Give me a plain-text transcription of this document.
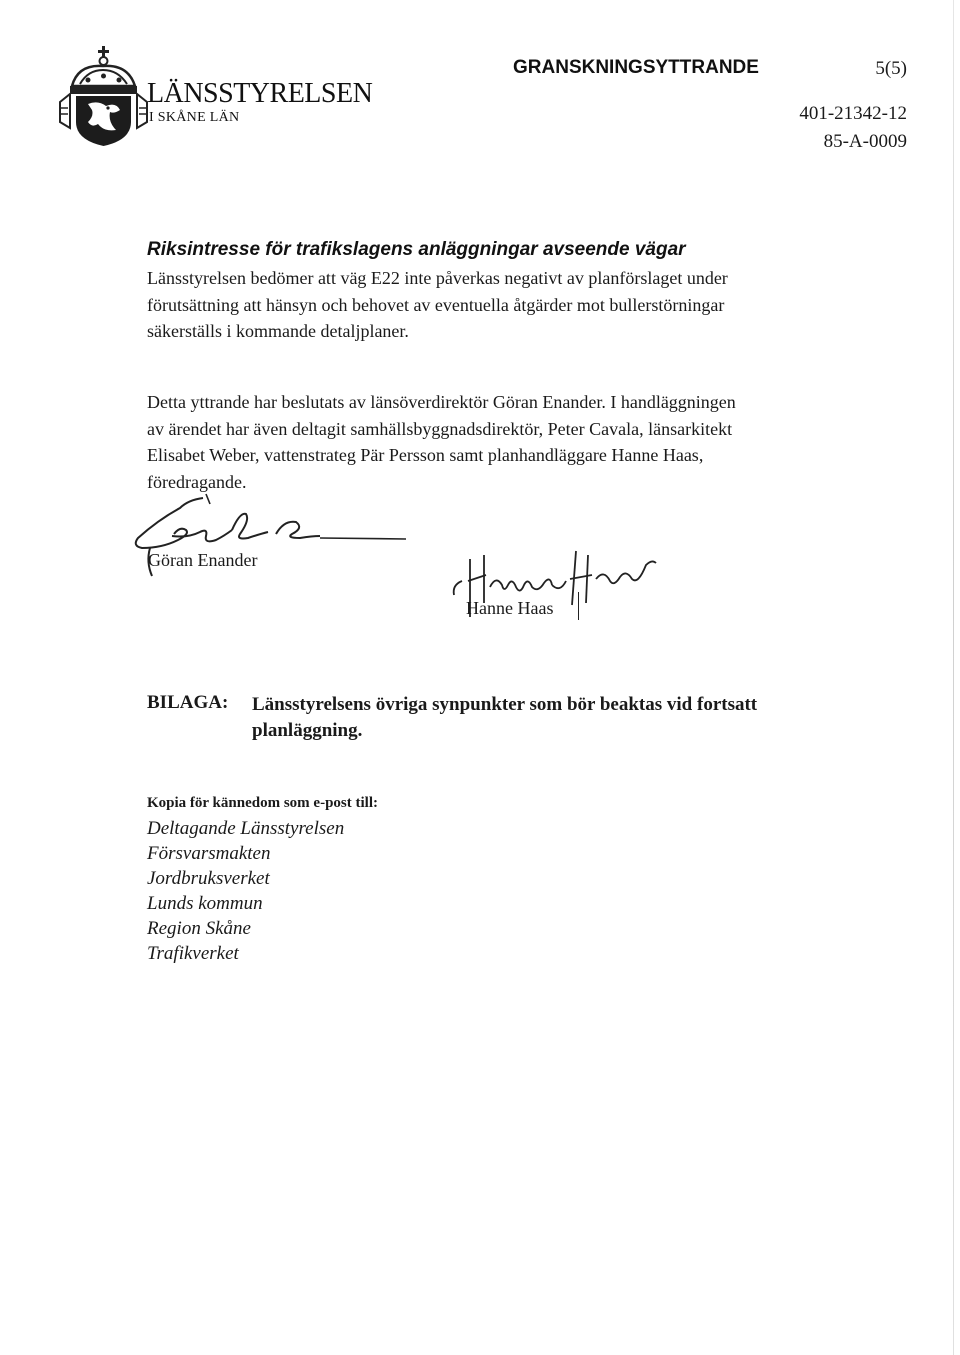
LÄNSSTYRELSEN
I SKÅNE LÄN
GRANSKNINGSYTTRANDE	5(5)
401-21342-12
85-A-0009
Riksintresse för trafikslagens anläggningar avseende vägar

Länsstyrelsen bedömer att väg E22 inte påverkas negativt av planförslaget under

förutsättning att hänsyn och behovet av eventuella åtgärder mot bullerstörningar

säkerställs i kommande detaljplaner.

Detta yttrande har beslutats av länsöverdirektör Göran Enander. I handläggningen

av ärendet har även deltagit samhällsbyggnadsdirektör, Peter Cavala, länsarkitekt

Elisabet Weber, vattenstrateg Pär Persson samt planhandläggare Hanne Haas,

föredragande.

Göran Enander
Hanne Haas
BILAGA: Länsstyrelsens övriga synpunkter som bör beaktas vid fortsatt planläggning.
Kopia för kännedom som e-post till:
Deltagande Länsstyrelsen
Försvarsmakten
Jordbruksverket
Lunds kommun
Region Skåne
Trafikverket
